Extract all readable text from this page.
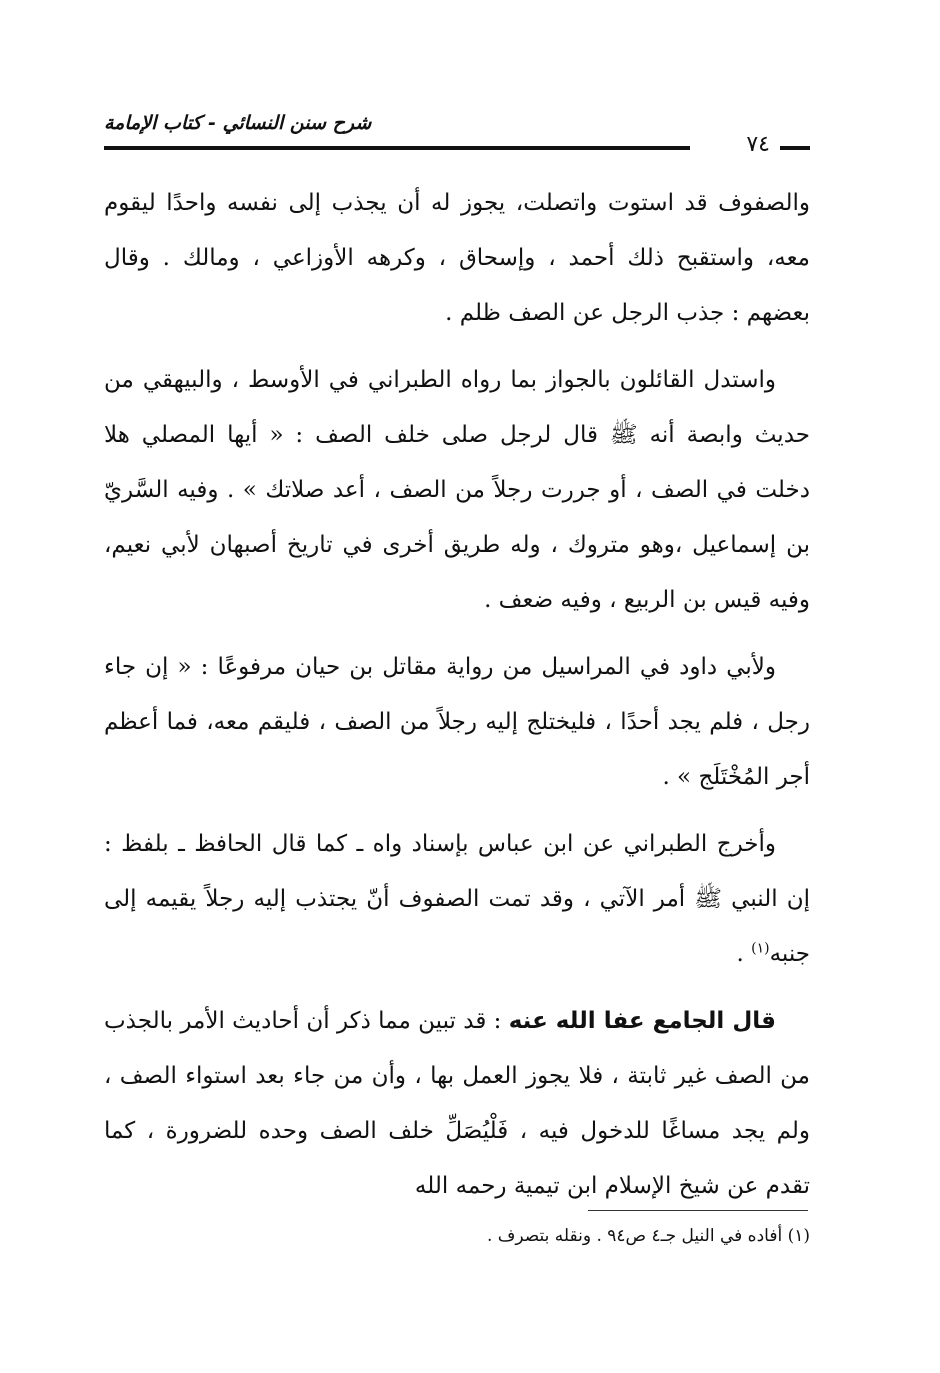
شرح سنن النسائي - كتاب الإمامة
٧٤

والصفوف قد استوت واتصلت، يجوز له أن يجذب إلى نفسه واحدًا ليقوم معه، واستقبح ذلك أحمد ، وإسحاق ، وكرهه الأوزاعي ، ومالك . وقال بعضهم : جذب الرجل عن الصف ظلم .

واستدل القائلون بالجواز بما رواه الطبراني في الأوسط ، والبيهقي من حديث وابصة أنه ﷺ قال لرجل صلى خلف الصف : « أيها المصلي هلا دخلت في الصف ، أو جررت رجلاً من الصف ، أعد صلاتك » . وفيه السَّريّ بن إسماعيل ،وهو متروك ، وله طريق أخرى في تاريخ أصبهان لأبي نعيم، وفيه قيس بن الربيع ، وفيه ضعف .

ولأبي داود في المراسيل من رواية مقاتل بن حيان مرفوعًا : « إن جاء رجل ، فلم يجد أحدًا ، فليختلج إليه رجلاً من الصف ، فليقم معه، فما أعظم أجر المُخْتَلَج » .

وأخرج الطبراني عن ابن عباس بإسناد واه ـ كما قال الحافظ ـ بلفظ : إن النبي ﷺ أمر الآتي ، وقد تمت الصفوف أنّ يجتذب إليه رجلاً يقيمه إلى جنبه$^{(١)}$ .

قال الجامع عفا الله عنه : قد تبين مما ذكر أن أحاديث الأمر بالجذب من الصف غير ثابتة ، فلا يجوز العمل بها ، وأن من جاء بعد استواء الصف ، ولم يجد مساغًا للدخول فيه ، فَلْيُصَلِّ خلف الصف وحده للضرورة ، كما تقدم عن شيخ الإسلام ابن تيمية رحمه الله

(١) أفاده في النيل جـ٤ ص٩٤ . ونقله بتصرف .
